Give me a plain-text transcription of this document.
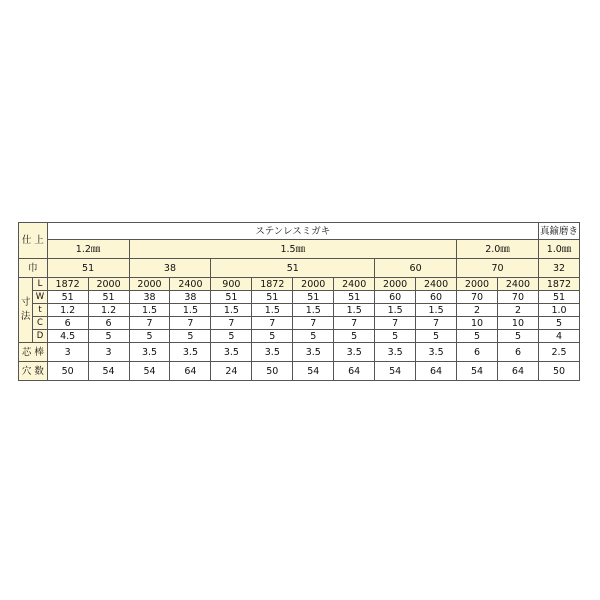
仕 上		ステンレスミガキ												真鍮磨き
		1.2㎜		1.5㎜								2.0㎜		1.0㎜
巾		51		38		51				60		70		32

寸
法	L	1872	2000	2000	2400	900	1872	2000	2400	2000	2400	2000	2400	1872
	W	51	51	38	38	51	51	51	51	60	60	70	70	51
	t	1.2	1.2	1.5	1.5	1.5	1.5	1.5	1.5	1.5	1.5	2	2	1.0
	C	6	6	7	7	7	7	7	7	7	7	10	10	5
	D	4.5	5	5	5	5	5	5	5	5	5	5	5	4
芯 棒		3	3	3.5	3.5	3.5	3.5	3.5	3.5	3.5	3.5	6	6	2.5
穴 数		50	54	54	64	24	50	54	64	54	64	54	64	50
